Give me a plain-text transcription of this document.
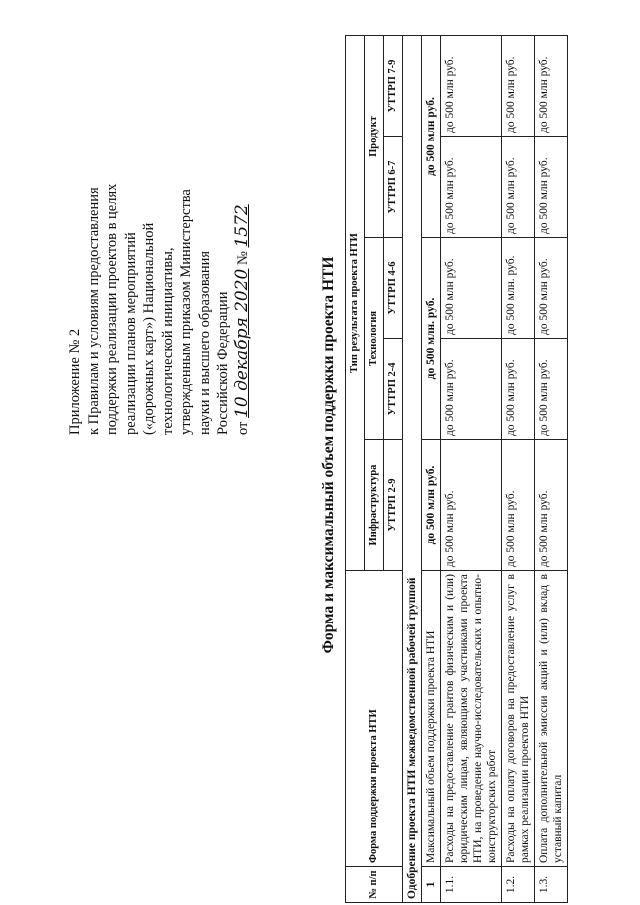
Приложение № 2 к Правилам и условиям предоставления поддержки реализации проектов в целях реализации планов мероприятий («дорожных карт») Национальной технологической инициативы, утвержденным приказом Министерства науки и высшего образования Российской Федерации от 10 декабря 2020 № 1572
Форма и максимальный объем поддержки проекта НТИ
№ п/п	Форма поддержки проекта НТИ	Тип результата проекта НТИ				
		Инфраструктура	Технология		Продукт	
		УТТРП 2-9	УТТРП 2-4	УТТРП 4-6	УТТРП 6-7	УТТРП 7-9
Одобрение проекта НТИ межведомственной рабочей группой						
1	Максимальный объем поддержки проекта НТИ	до 500 млн руб.	до 500 млн. руб.		до 500 млн руб.	
1.1.	Расходы на предоставление грантов физическим и (или) юридическим лицам, являющимся участниками проекта НТИ, на проведение научно-исследовательских и опытно-конструкторских работ	до 500 млн руб.	до 500 млн руб.	до 500 млн руб.	до 500 млн руб.	до 500 млн руб.
1.2.	Расходы на оплату договоров на предоставление услуг в рамках реализации проектов НТИ	до 500 млн руб.	до 500 млн руб.	до 500 млн. руб.	до 500 млн руб.	до 500 млн руб.
1.3.	Оплата дополнительной эмиссии акций и (или) вклад в уставный капитал	до 500 млн руб.	до 500 млн руб.	до 500 млн руб.	до 500 млн руб.	до 500 млн руб.
